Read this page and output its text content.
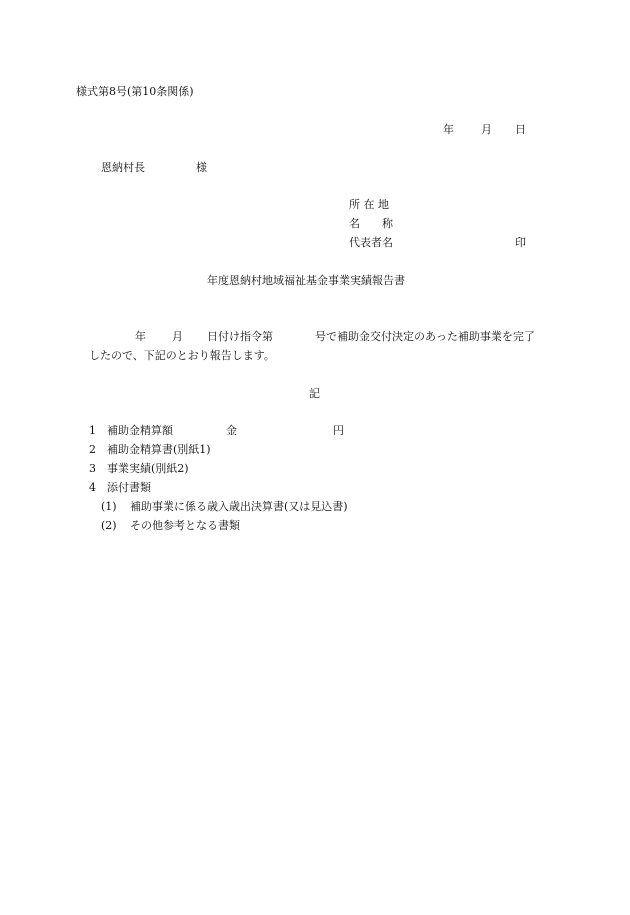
様式第8号(第10条関係)
年 月 日
恩納村長	様
所 在 地
名　　称
代表者名	印
年度恩納村地域福祉基金事業実績報告書
年 月 日付け指令第	号で補助金交付決定のあった補助事業を完了
したので、下記のとおり報告します。
記
1 補助金精算額	金	円
2 補助金精算書(別紙1)
3 事業実績(別紙2)
4 添付書類
(1) 補助事業に係る歳入歳出決算書(又は見込書)
(2) その他参考となる書類
